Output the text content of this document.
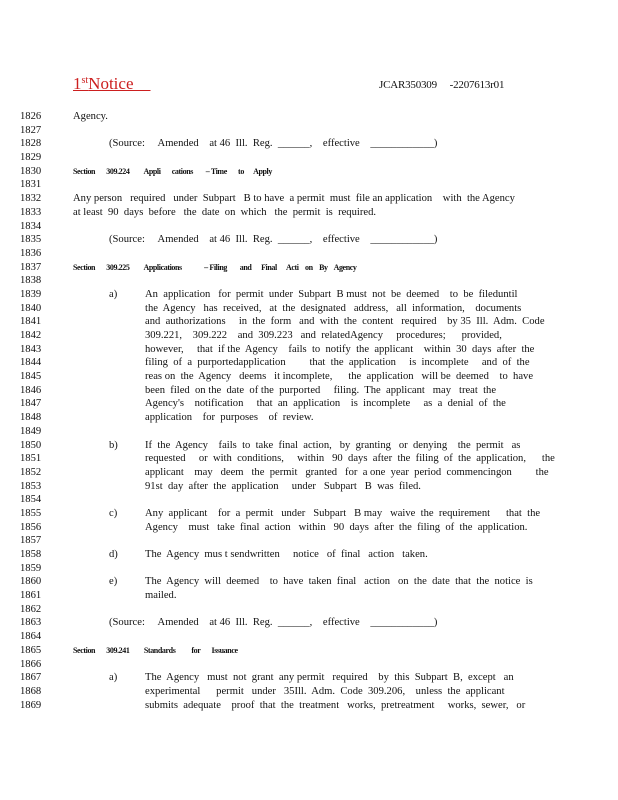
1stNotice	JCAR350309     -2207613r01
1826	Agency.
1827
1828	(Source:     Amended    at 46  Ill.  Reg.  ______,    effective    ____________)
1829
1830	Section       309.224         Appli       cations        – Time       to      Apply
1831
1832	Any person   required   under  Subpart   B to have  a permit  must  file an application    with  the Agency
1833	at least  90  days  before   the  date  on  which   the  permit  is  required.
1834
1835	(Source:     Amended    at 46  Ill.  Reg.  ______,    effective    ____________)
1836
1837	Section       309.225         Applications              – Filing        and      Final      Acti    on    By    Agency
1838
1839	a)	An  application   for  permit  under  Subpart  B must  not  be  deemed    to  be  fileduntil
1840	the  Agency   has  received,   at  the  designated   address,   all  information,    documents
1841	and  authorizations     in  the  form   and  with  the  content   required    by 35  Ill.  Adm.  Code
1842	309.221,    309.222    and  309.223   and  relatedAgency     procedures;      provided,
1843	however,     that  if the  Agency    fails  to  notify  the  applicant    within  30  days  after  the
1844	filing  of  a  purportedapplication         that  the  application     is  incomplete     and  of  the
1845	reas on  the  Agency   deems   it incomplete,      the  application   will be  deemed    to  have
1846	been  filed  on the  date  of the  purported     filing.  The  applicant   may   treat  the
1847	Agency's    notification     that  an  application    is  incomplete     as  a  denial  of  the
1848	application    for  purposes    of  review.
1849
1850	b)	If  the  Agency    fails  to  take  final  action,   by  granting   or  denying    the  permit   as
1851	requested     or  with  conditions,     within   90  days  after  the  filing  of  the  application,      the
1852	applicant    may   deem   the  permit   granted   for  a one  year  period  commencingon         the
1853	91st  day  after  the  application     under   Subpart   B  was  filed.
1854
1855	c)	Any  applicant    for  a  permit   under   Subpart   B may   waive  the  requirement      that  the
1856	Agency    must   take  final  action   within   90  days  after  the  filing  of  the  application.
1857
1858	d)	The  Agency  mus t sendwritten     notice   of  final   action   taken.
1859
1860	e)	The  Agency  will  deemed    to  have  taken  final   action   on  the  date  that  the  notice  is
1861	mailed.
1862
1863	(Source:     Amended    at 46  Ill.  Reg.  ______,    effective    ____________)
1864
1865	Section       309.241         Standards          for       Issuance
1866
1867	a)	The  Agency   must  not  grant  any permit   required    by  this  Subpart  B,  except   an
1868	experimental      permit   under   35Ill.  Adm.  Code  309.206,    unless  the  applicant
1869	submits  adequate    proof  that  the  treatment   works,  pretreatment     works,  sewer,   or
